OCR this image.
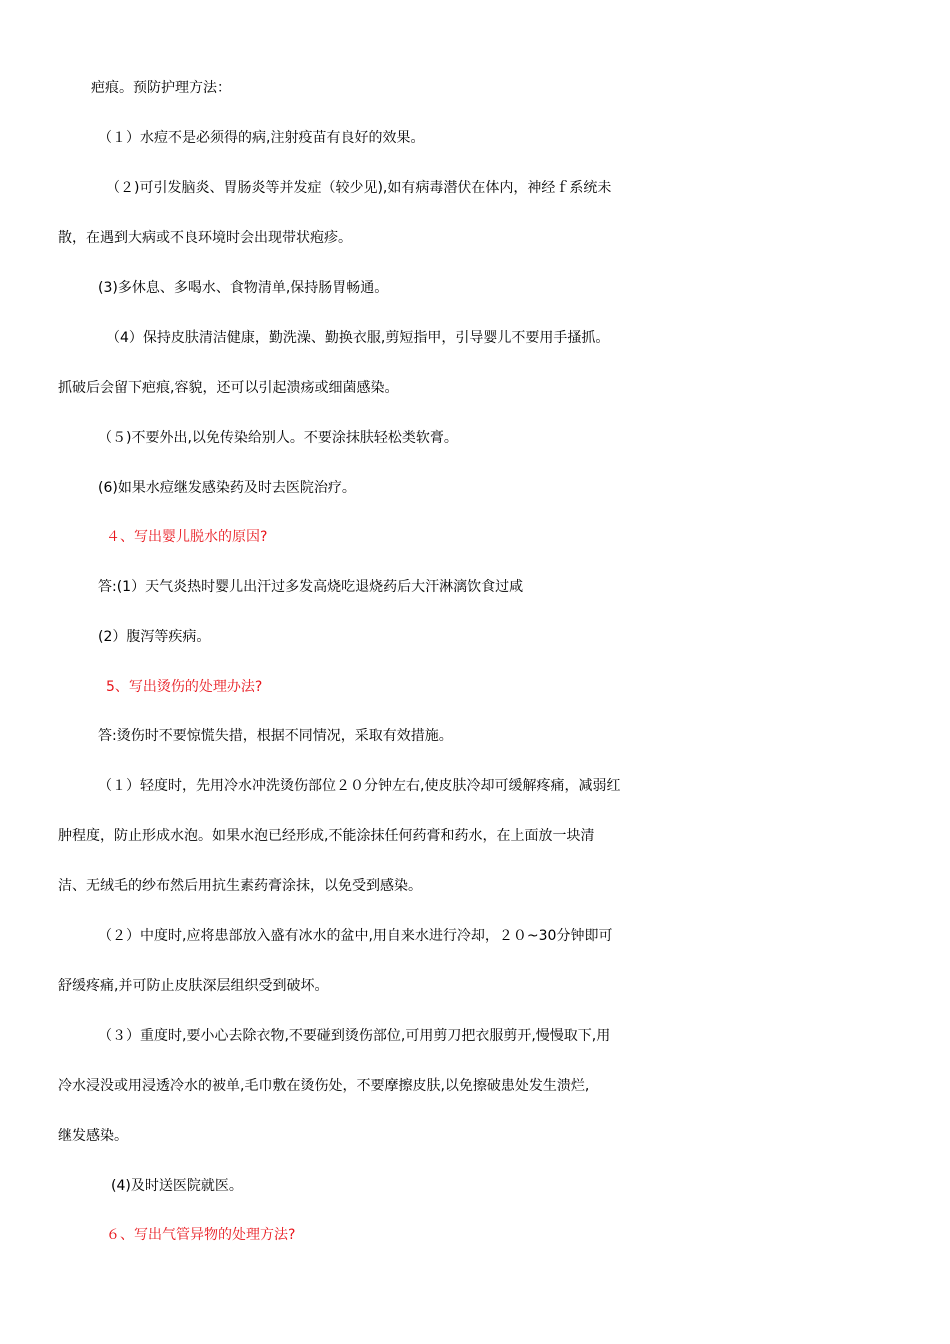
疤痕。预防护理方法：
（１）水痘不是必须得的病,注射疫苗有良好的效果。
（２)可引发脑炎、胃肠炎等并发症（较少见),如有病毒潜伏在体内，神经ｆ系统未
散，在遇到大病或不良环境时会出现带状疱疹。
(3)多休息、多喝水、食物清单,保持肠胃畅通。
（4）保持皮肤清洁健康，勤洗澡、勤换衣服,剪短指甲，引导婴儿不要用手搔抓。
抓破后会留下疤痕,容貌，还可以引起溃疡或细菌感染。
（５)不要外出,以免传染给别人。不要涂抹肤轻松类软膏。
(6)如果水痘继发感染药及时去医院治疗。
４、写出婴儿脱水的原因?
答:(1）天气炎热时婴儿出汗过多发高烧吃退烧药后大汗淋漓饮食过咸
(2）腹泻等疾病。
5、写出烫伤的处理办法?
答:烫伤时不要惊慌失措，根据不同情况，采取有效措施。
（１）轻度时，先用冷水冲洗烫伤部位２０分钟左右,使皮肤冷却可缓解疼痛，减弱红
肿程度，防止形成水泡。如果水泡已经形成,不能涂抹任何药膏和药水，在上面放一块清
洁、无绒毛的纱布然后用抗生素药膏涂抹，以免受到感染。
（２）中度时,应将患部放入盛有冰水的盆中,用自来水进行冷却，２０~30分钟即可
舒缓疼痛,并可防止皮肤深层组织受到破坏。
（３）重度时,要小心去除衣物,不要碰到烫伤部位,可用剪刀把衣服剪开,慢慢取下,用
冷水浸没或用浸透冷水的被单,毛巾敷在烫伤处，不要摩擦皮肤,以免擦破患处发生溃烂,
继发感染。
(4)及时送医院就医。
６、写出气管异物的处理方法?
